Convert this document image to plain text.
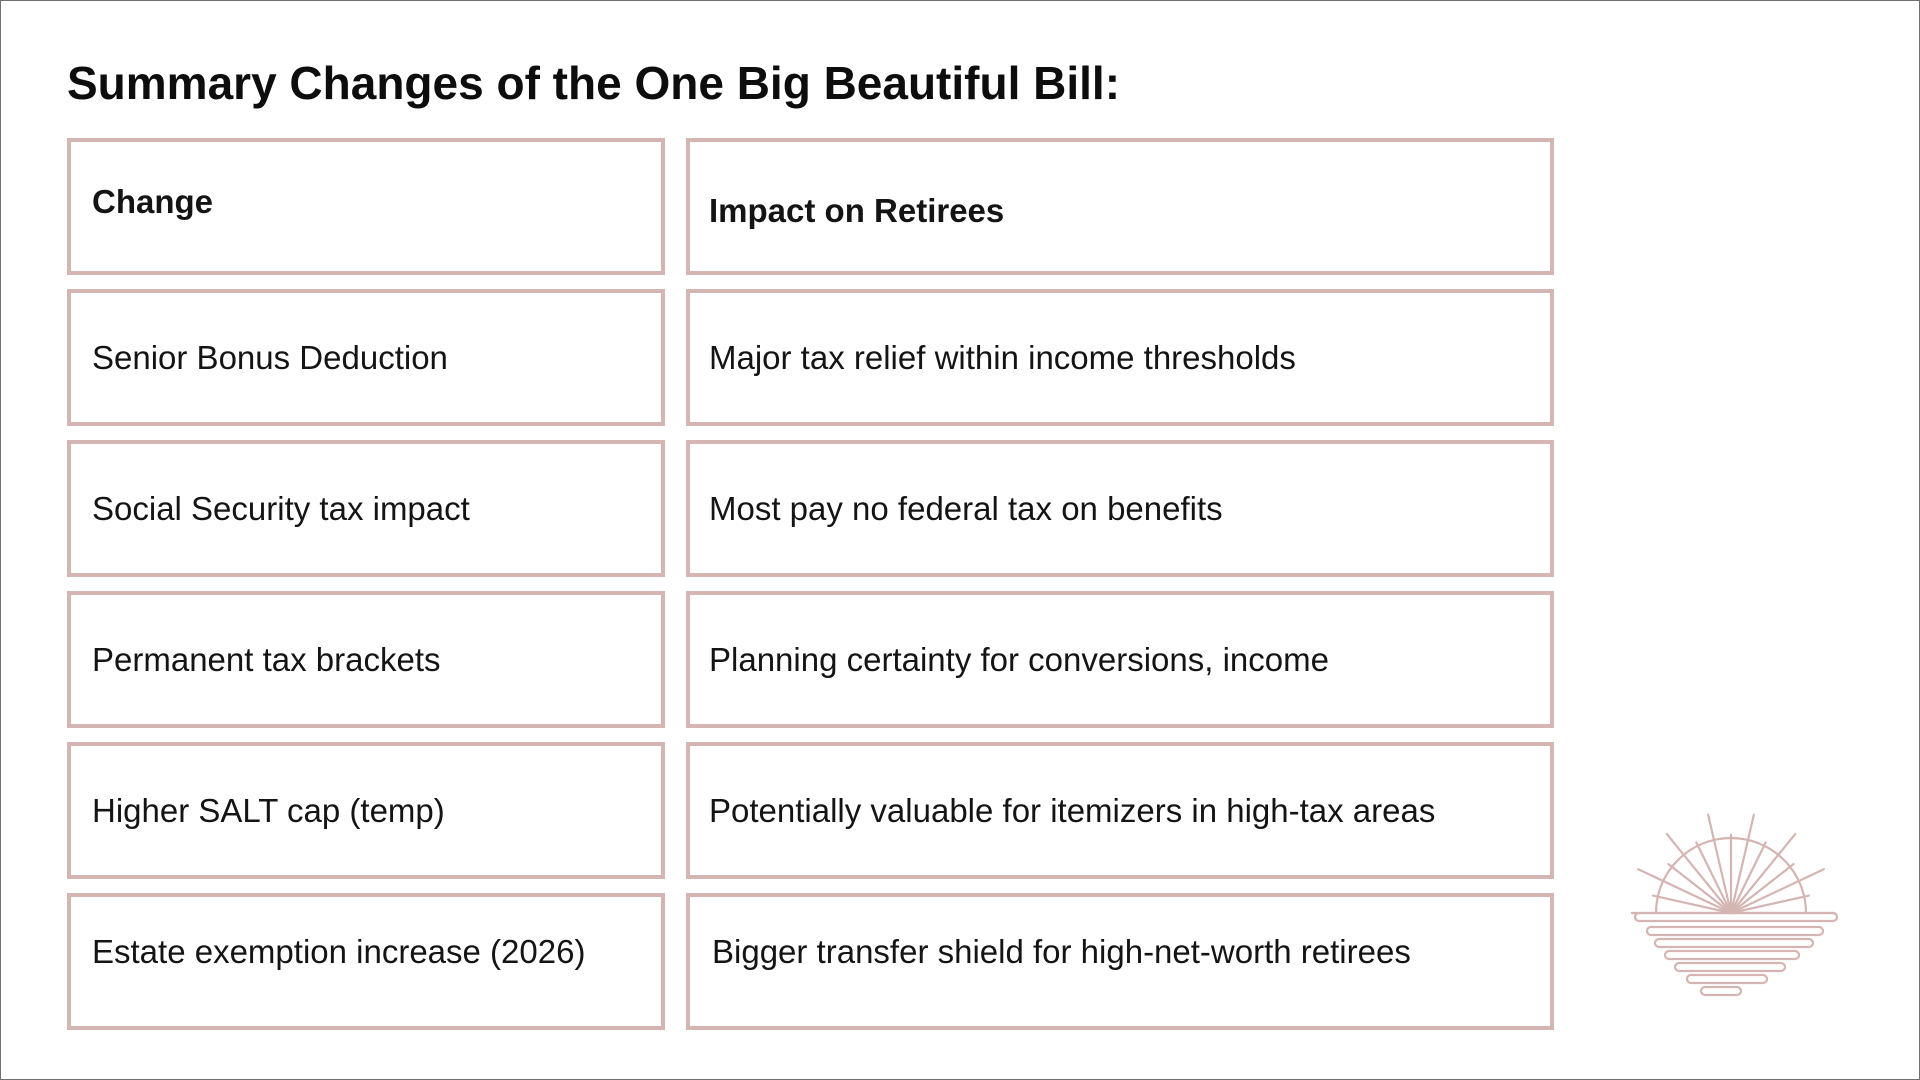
Summary Changes of the One Big Beautiful Bill:
Change	Impact on Retirees
Senior Bonus Deduction	Major tax relief within income thresholds
Social Security tax impact	Most pay no federal tax on benefits
Permanent tax brackets	Planning certainty for conversions, income
Higher SALT cap (temp)	Potentially valuable for itemizers in high-tax areas
Estate exemption increase (2026)	Bigger transfer shield for high-net-worth retirees
